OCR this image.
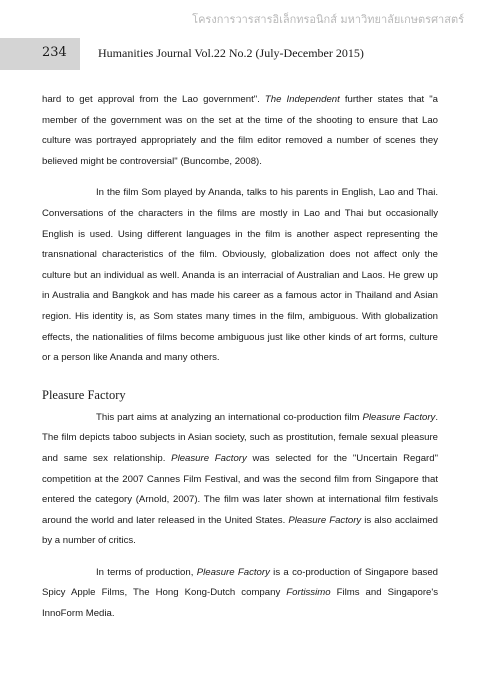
โครงการวารสารอิเล็กทรอนิกส์ มหาวิทยาลัยเกษตรศาสตร์
234	Humanities Journal Vol.22 No.2 (July-December 2015)

hard to get approval from the Lao government". The Independent further states that "a member of the government was on the set at the time of the shooting to ensure that Lao culture was portrayed appropriately and the film editor removed a number of scenes they believed might be controversial" (Buncombe, 2008).

In the film Som played by Ananda, talks to his parents in English, Lao and Thai. Conversations of the characters in the films are mostly in Lao and Thai but occasionally English is used. Using different languages in the film is another aspect representing the transnational characteristics of the film. Obviously, globalization does not affect only the culture but an individual as well. Ananda is an interracial of Australian and Laos. He grew up in Australia and Bangkok and has made his career as a famous actor in Thailand and Asian region. His identity is, as Som states many times in the film, ambiguous. With globalization effects, the nationalities of films become ambiguous just like other kinds of art forms, culture or a person like Ananda and many others.

Pleasure Factory

This part aims at analyzing an international co-production film Pleasure Factory. The film depicts taboo subjects in Asian society, such as prostitution, female sexual pleasure and same sex relationship. Pleasure Factory was selected for the "Uncertain Regard" competition at the 2007 Cannes Film Festival, and was the second film from Singapore that entered the category (Arnold, 2007). The film was later shown at international film festivals around the world and later released in the United States. Pleasure Factory is also acclaimed by a number of critics.

In terms of production, Pleasure Factory is a co-production of Singapore based Spicy Apple Films, The Hong Kong-Dutch company Fortissimo Films and Singapore's InnoForm Media.
